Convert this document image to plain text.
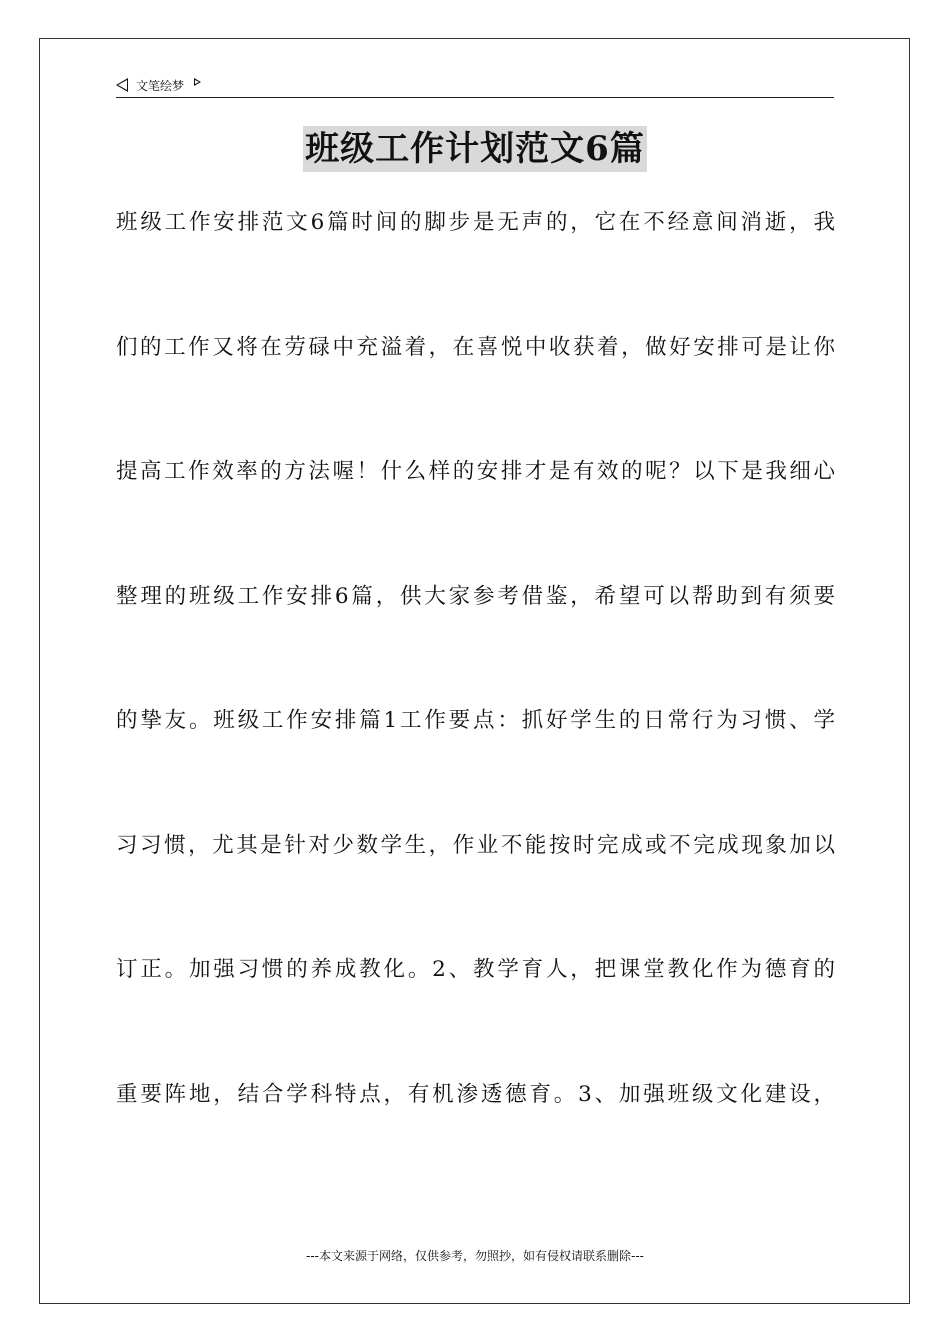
文笔绘梦
班级工作计划范文6篇
班级工作安排范文6篇时间的脚步是无声的，它在不经意间消逝，我
们的工作又将在劳碌中充溢着，在喜悦中收获着，做好安排可是让你
提高工作效率的方法喔！什么样的安排才是有效的呢？以下是我细心
整理的班级工作安排6篇，供大家参考借鉴，希望可以帮助到有须要
的挚友。班级工作安排篇1工作要点：抓好学生的日常行为习惯、学
习习惯，尤其是针对少数学生，作业不能按时完成或不完成现象加以
订正。加强习惯的养成教化。2、教学育人，把课堂教化作为德育的
重要阵地，结合学科特点，有机渗透德育。3、加强班级文化建设，
---本文来源于网络，仅供参考，勿照抄，如有侵权请联系删除---
